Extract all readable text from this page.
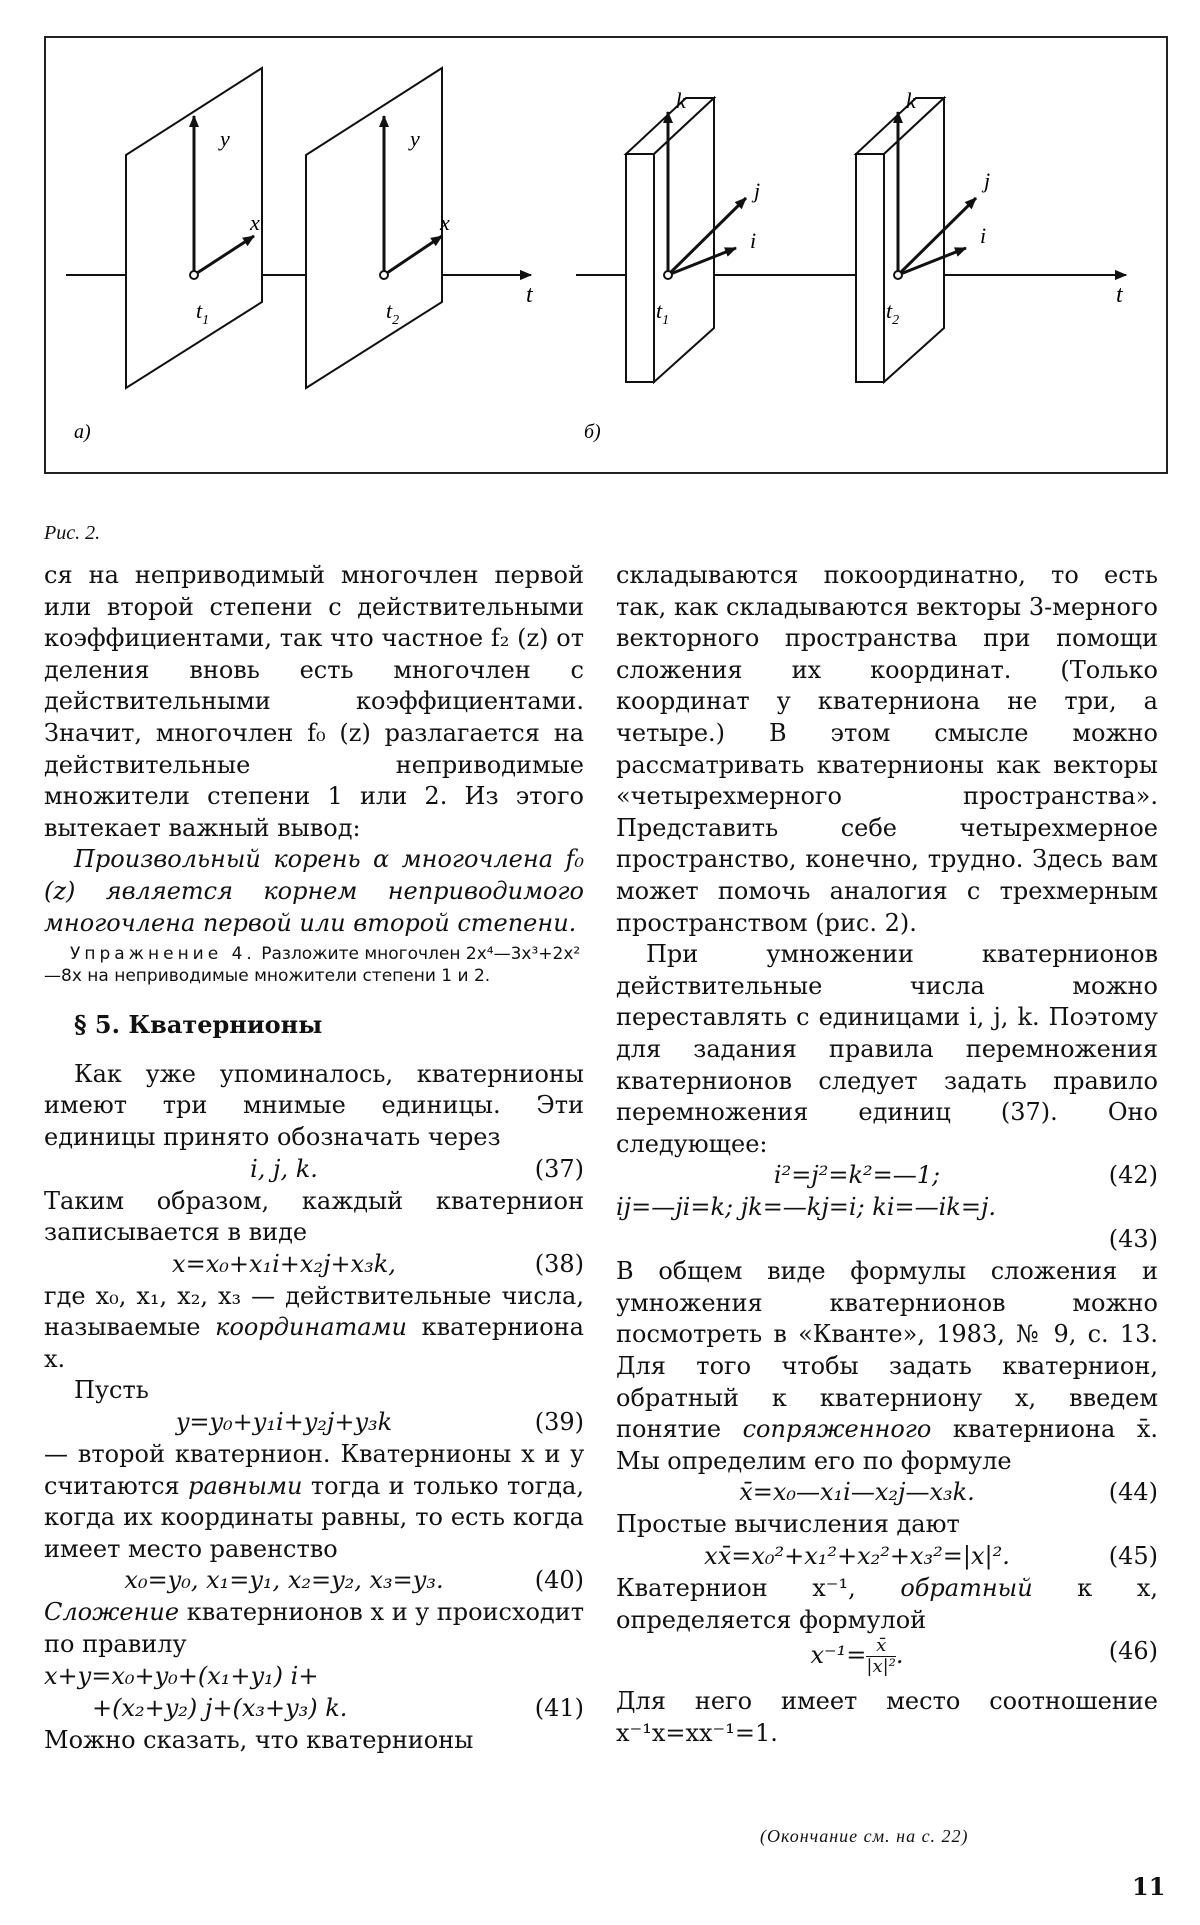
y
x
y
x
$t_1$	$t_2$
t
а)
k
j
i
k
j
i
$t_1$	$t_2$
t
б)
Рис. 2.

ся на неприводимый многочлен первой или второй степени с действительными коэффициентами, так что частное f₂ (z) от деления вновь есть многочлен с действительными коэффициентами. Значит, многочлен f₀ (z) разлагается на действительные неприводимые множители степени 1 или 2. Из этого вытекает важный вывод:

Произвольный корень α многочлена f₀ (z) является корнем неприводимого многочлена первой или второй степени.

Упражнение 4. Разложите многочлен 2x⁴—3x³+2x²—8x на неприводимые множители степени 1 и 2.

§ 5. Кватернионы

Как уже упоминалось, кватернионы имеют три мнимые единицы. Эти единицы принято обозначать через

i, j, k.	(37)

Таким образом, каждый кватернион записывается в виде

x=x₀+x₁i+x₂j+x₃k,	(38)

где x₀, x₁, x₂, x₃ — действительные числа, называемые координатами кватерниона x.

Пусть

y=y₀+y₁i+y₂j+y₃k	(39)

— второй кватернион. Кватернионы x и y считаются равными тогда и только тогда, когда их координаты равны, то есть когда имеет место равенство

x₀=y₀, x₁=y₁, x₂=y₂, x₃=y₃.	(40)

Сложение кватернионов x и y происходит по правилу

x+y=x₀+y₀+(x₁+y₁) i+
+(x₂+y₂) j+(x₃+y₃) k.	(41)

Можно сказать, что кватернионы

складываются покоординатно, то есть так, как складываются векторы 3-мерного векторного пространства при помощи сложения их координат. (Только координат у кватерниона не три, а четыре.) В этом смысле можно рассматривать кватернионы как векторы «четырехмерного пространства». Представить себе четырехмерное пространство, конечно, трудно. Здесь вам может помочь аналогия с трехмерным пространством (рис. 2).

При умножении кватернионов действительные числа можно переставлять с единицами i, j, k. Поэтому для задания правила перемножения кватернионов следует задать правило перемножения единиц (37). Оно следующее:

i²=j²=k²=—1;	(42)
ij=—ji=k; jk=—kj=i; ki=—ik=j.
(43)

В общем виде формулы сложения и умножения кватернионов можно посмотреть в «Кванте», 1983, № 9, с. 13. Для того чтобы задать кватернион, обратный к кватерниону x, введем понятие сопряженного кватерниона x̄. Мы определим его по формуле

x̄=x₀—x₁i—x₂j—x₃k.	(44)

Простые вычисления дают

xx̄=x₀²+x₁²+x₂²+x₃²=|x|².	(45)

Кватернион x⁻¹, обратный к x, определяется формулой

$x^{-1}= \frac{x̄}{\text{|x|²}}$ .	(46)

Для него имеет место соотношение x⁻¹x=xx⁻¹=1.

(Окончание см. на с. 22)
11
